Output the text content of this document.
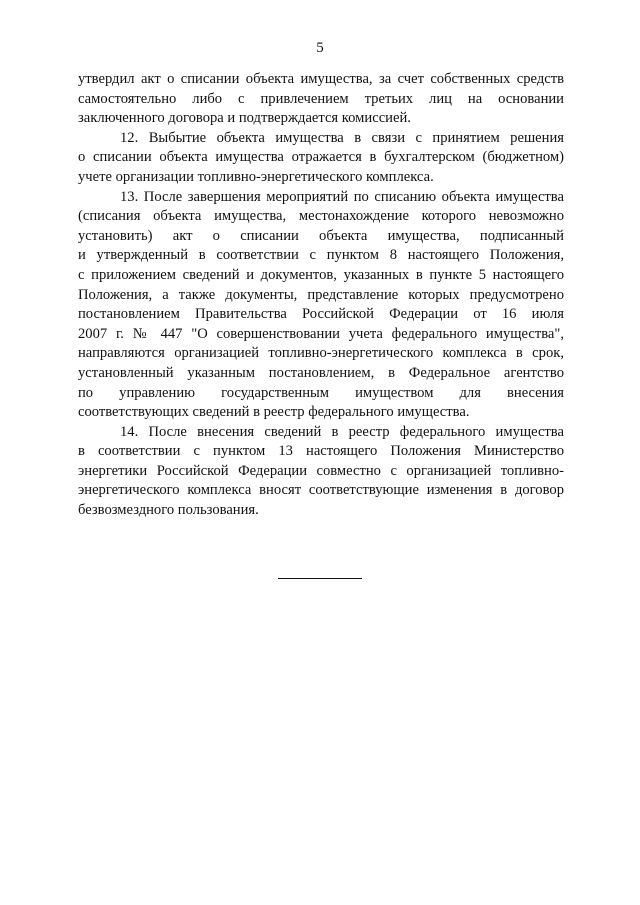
5

утвердил акт о списании объекта имущества, за счет собственных средств
самостоятельно либо с привлечением третьих лиц на основании
заключенного договора и подтверждается комиссией.

12. Выбытие объекта имущества в связи с принятием решения
о списании объекта имущества отражается в бухгалтерском (бюджетном)
учете организации топливно-энергетического комплекса.

13. После завершения мероприятий по списанию объекта имущества
(списания объекта имущества, местонахождение которого невозможно
установить) акт о списании объекта имущества, подписанный
и утвержденный в соответствии с пунктом 8 настоящего Положения,
с приложением сведений и документов, указанных в пункте 5 настоящего
Положения, а также документы, представление которых предусмотрено
постановлением Правительства Российской Федерации от 16 июля
2007 г. № 447 "О совершенствовании учета федерального имущества",
направляются организацией топливно-энергетического комплекса в срок,
установленный указанным постановлением, в Федеральное агентство
по управлению государственным имуществом для внесения
соответствующих сведений в реестр федерального имущества.

14. После внесения сведений в реестр федерального имущества
в соответствии с пунктом 13 настоящего Положения Министерство
энергетики Российской Федерации совместно с организацией топливно-
энергетического комплекса вносят соответствующие изменения в договор
безвозмездного пользования.
